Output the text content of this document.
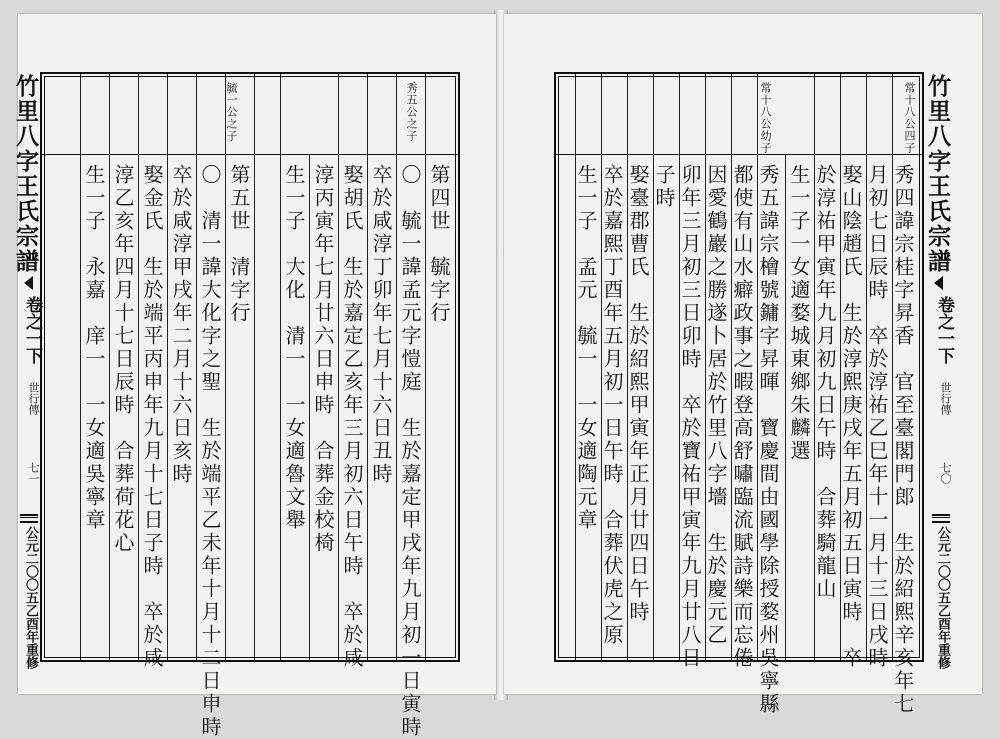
秀五公之子
毓一公之子
第四世　毓字行
〇　毓一諱孟元字愷庭　生於嘉定甲戌年九月初一日寅時
卒於咸淳丁卯年七月十六日丑時
娶胡氏　生於嘉定乙亥年三月初六日午時　卒於咸
淳丙寅年七月廿六日申時　合葬金校椅
生一子　大化　清一　一女適魯文舉
第五世　清字行
〇　清一諱大化字之聖　生於端平乙未年十月十二日申時
卒於咸淳甲戌年二月十六日亥時
娶金氏　生於端平丙申年九月十七日子時　卒於咸
淳乙亥年四月十七日辰時　合葬荷花心
生一子　永嘉　庠一　一女適吳寧章
竹里八字王氏宗譜
卷之一下
世行傳
七一
公元二〇〇五乙酉年重修
常十八公四子
常十八公幼子
秀四諱宗桂字昇香　官至臺閣門郎　生於紹熙辛亥年七
月初七日辰時　卒於淳祐乙巳年十一月十三日戌時
娶山陰趙氏　生於淳熙庚戌年五月初五日寅時　卒
於淳祐甲寅年九月初九日午時　合葬騎龍山
生一子一女適婺城東鄉朱麟選
秀五諱宗檜號鏞字昇暉　寶慶間由國學除授婺州吳寧縣
都使有山水癖政事之暇登高舒嘯臨流賦詩樂而忘倦
因愛鶴巖之勝遂卜居於竹里八字墻　生於慶元乙
卯年三月初三日卯時　卒於寶祐甲寅年九月廿八日
子時
娶臺郡曹氏　生於紹熙甲寅年正月廿四日午時
卒於嘉熙丁酉年五月初一日午時　合葬伏虎之原
生一子　孟元　毓一　一女適陶元章	竹里八字王氏宗譜
卷之一下
世行傳
七〇
公元二〇〇五乙酉年重修
